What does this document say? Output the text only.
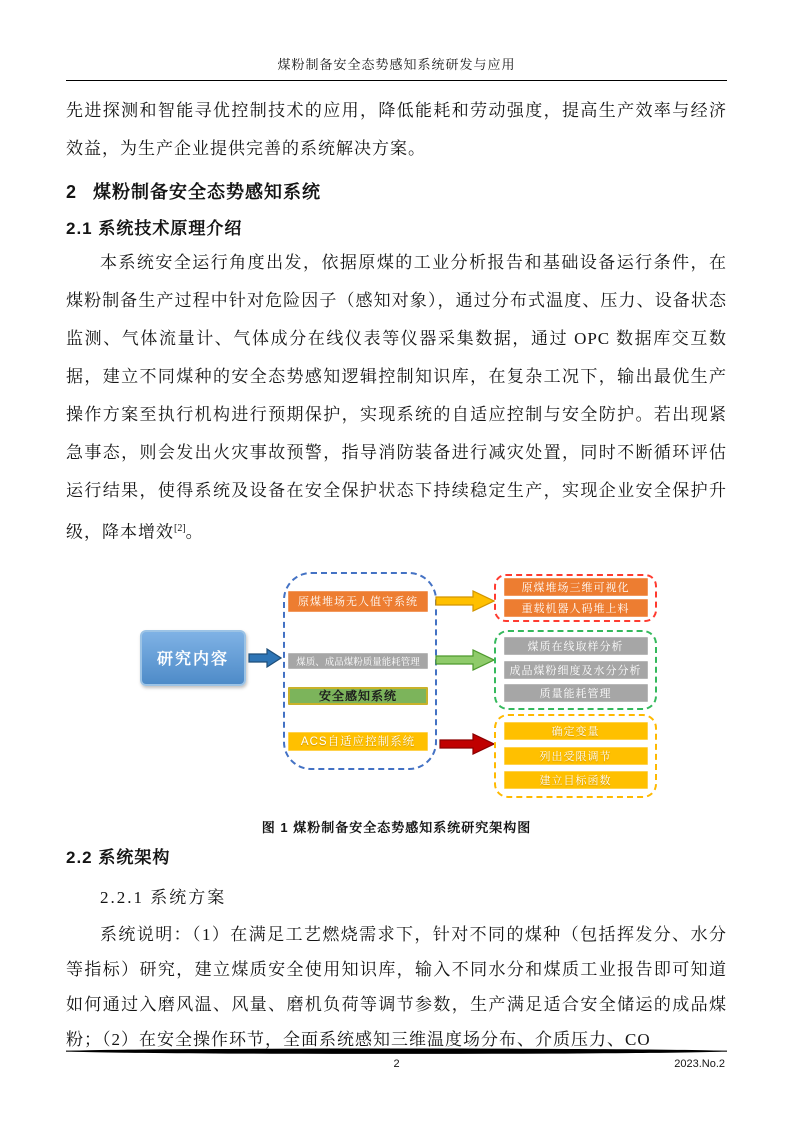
煤粉制备安全态势感知系统研发与应用

先进探测和智能寻优控制技术的应用，降低能耗和劳动强度，提高生产效率与经济效益，为生产企业提供完善的系统解决方案。

2 煤粉制备安全态势感知系统
2.1 系统技术原理介绍

本系统安全运行角度出发，依据原煤的工业分析报告和基础设备运行条件，在煤粉制备生产过程中针对危险因子（感知对象），通过分布式温度、压力、设备状态监测、气体流量计、气体成分在线仪表等仪器采集数据，通过 OPC 数据库交互数据，建立不同煤种的安全态势感知逻辑控制知识库，在复杂工况下，输出最优生产操作方案至执行机构进行预期保护，实现系统的自适应控制与安全防护。若出现紧急事态，则会发出火灾事故预警，指导消防装备进行减灾处置，同时不断循环评估运行结果，使得系统及设备在安全保护状态下持续稳定生产，实现企业安全保护升级，降本增效[2]。

研究内容
原煤堆场无人值守系统
煤质、成品煤粉质量能耗管理
安全感知系统
ACS自适应控制系统
原煤堆场三维可视化
重载机器人码堆上料
煤质在线取样分析
成品煤粉细度及水分分析
质量能耗管理
确定变量
列出受限调节
建立目标函数
图 1 煤粉制备安全态势感知系统研究架构图
2.2 系统架构

2.2.1 系统方案

系统说明：（1）在满足工艺燃烧需求下，针对不同的煤种（包括挥发分、水分等指标）研究，建立煤质安全使用知识库，输入不同水分和煤质工业报告即可知道如何通过入磨风温、风量、磨机负荷等调节参数，生产满足适合安全储运的成品煤粉；（2）在安全操作环节，全面系统感知三维温度场分布、介质压力、CO

2	2023.No.2
